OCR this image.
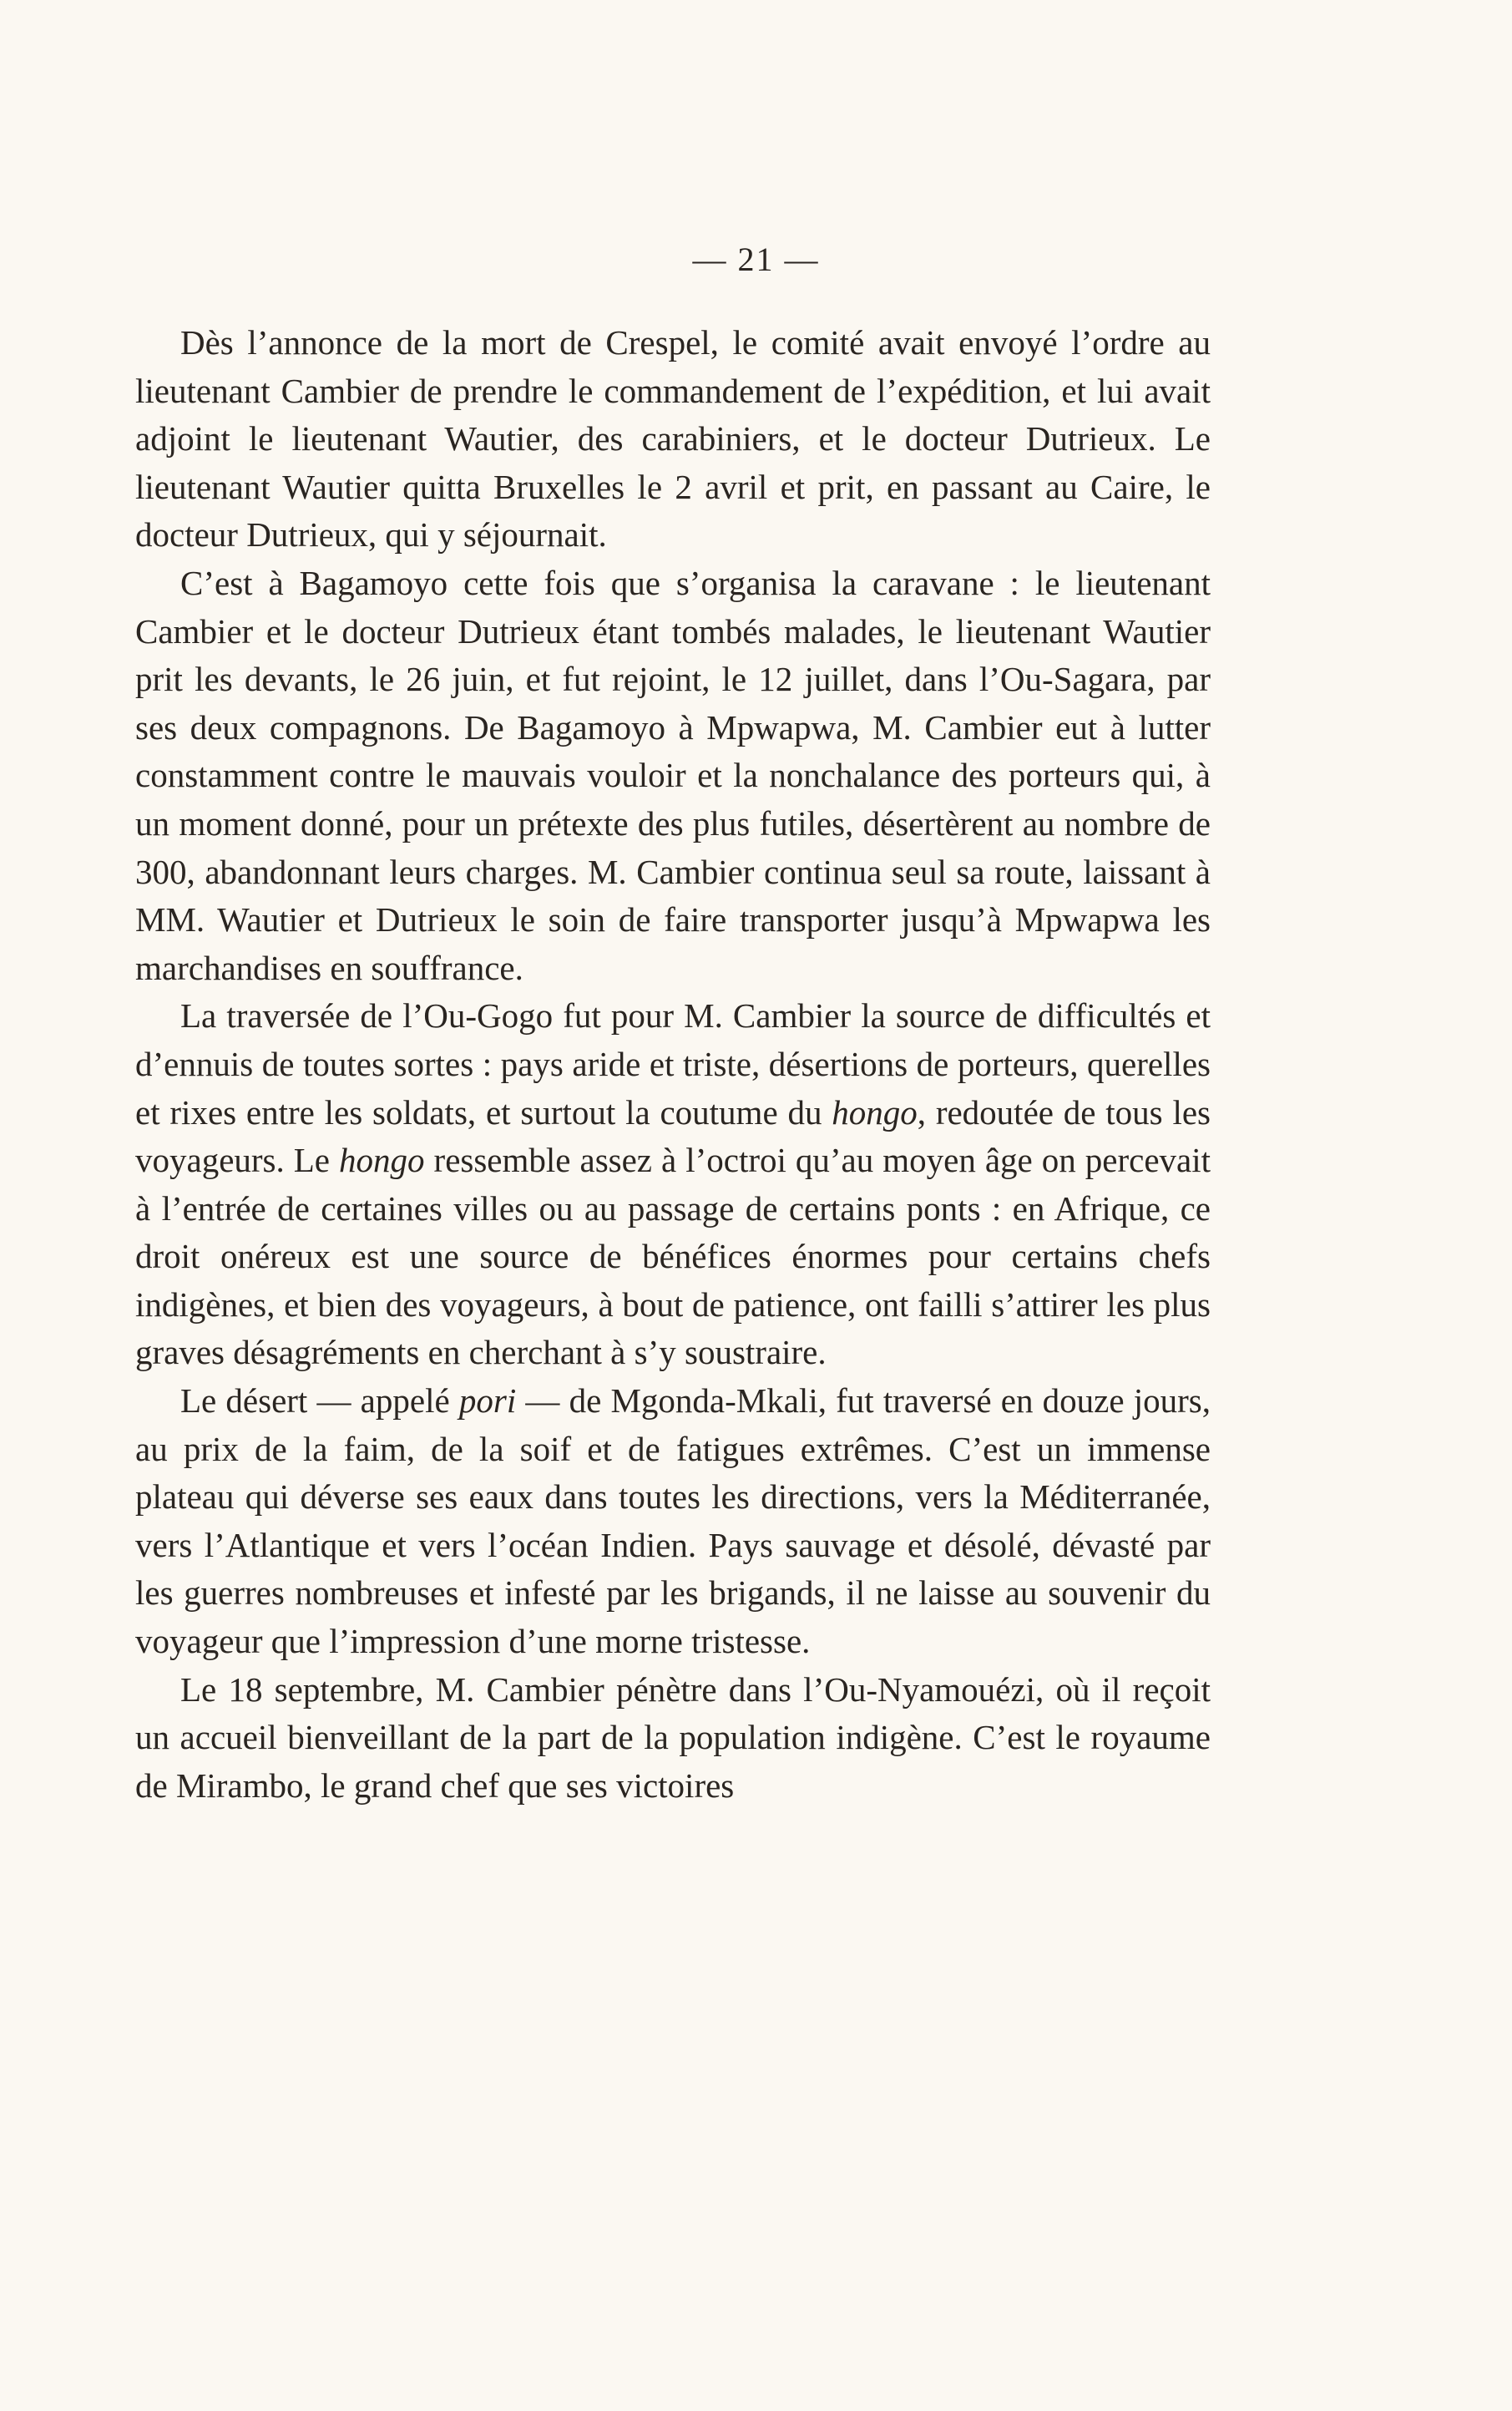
— 21 —

Dès l’annonce de la mort de Crespel, le comité avait envoyé l’ordre au lieutenant Cambier de prendre le commandement de l’expédition, et lui avait adjoint le lieutenant Wautier, des carabiniers, et le docteur Dutrieux. Le lieutenant Wautier quitta Bruxelles le 2 avril et prit, en passant au Caire, le docteur Dutrieux, qui y séjournait.

C’est à Bagamoyo cette fois que s’organisa la caravane : le lieutenant Cambier et le docteur Dutrieux étant tombés malades, le lieutenant Wautier prit les devants, le 26 juin, et fut rejoint, le 12 juillet, dans l’Ou-Sagara, par ses deux compagnons. De Bagamoyo à Mpwapwa, M. Cambier eut à lutter constamment contre le mauvais vouloir et la nonchalance des porteurs qui, à un moment donné, pour un prétexte des plus futiles, désertèrent au nombre de 300, abandonnant leurs charges. M. Cambier continua seul sa route, laissant à MM. Wautier et Dutrieux le soin de faire transporter jusqu’à Mpwapwa les marchandises en souffrance.

La traversée de l’Ou-Gogo fut pour M. Cambier la source de difficultés et d’ennuis de toutes sortes : pays aride et triste, désertions de porteurs, querelles et rixes entre les soldats, et surtout la coutume du hongo, redoutée de tous les voyageurs. Le hongo ressemble assez à l’octroi qu’au moyen âge on percevait à l’entrée de certaines villes ou au passage de certains ponts : en Afrique, ce droit onéreux est une source de bénéfices énormes pour certains chefs indigènes, et bien des voyageurs, à bout de patience, ont failli s’attirer les plus graves désagréments en cherchant à s’y soustraire.

Le désert — appelé pori — de Mgonda-Mkali, fut traversé en douze jours, au prix de la faim, de la soif et de fatigues extrêmes. C’est un immense plateau qui déverse ses eaux dans toutes les directions, vers la Méditerranée, vers l’Atlantique et vers l’océan Indien. Pays sauvage et désolé, dévasté par les guerres nombreuses et infesté par les brigands, il ne laisse au souvenir du voyageur que l’impression d’une morne tristesse.

Le 18 septembre, M. Cambier pénètre dans l’Ou-Nyamouézi, où il reçoit un accueil bienveillant de la part de la population indigène. C’est le royaume de Mirambo, le grand chef que ses victoires
